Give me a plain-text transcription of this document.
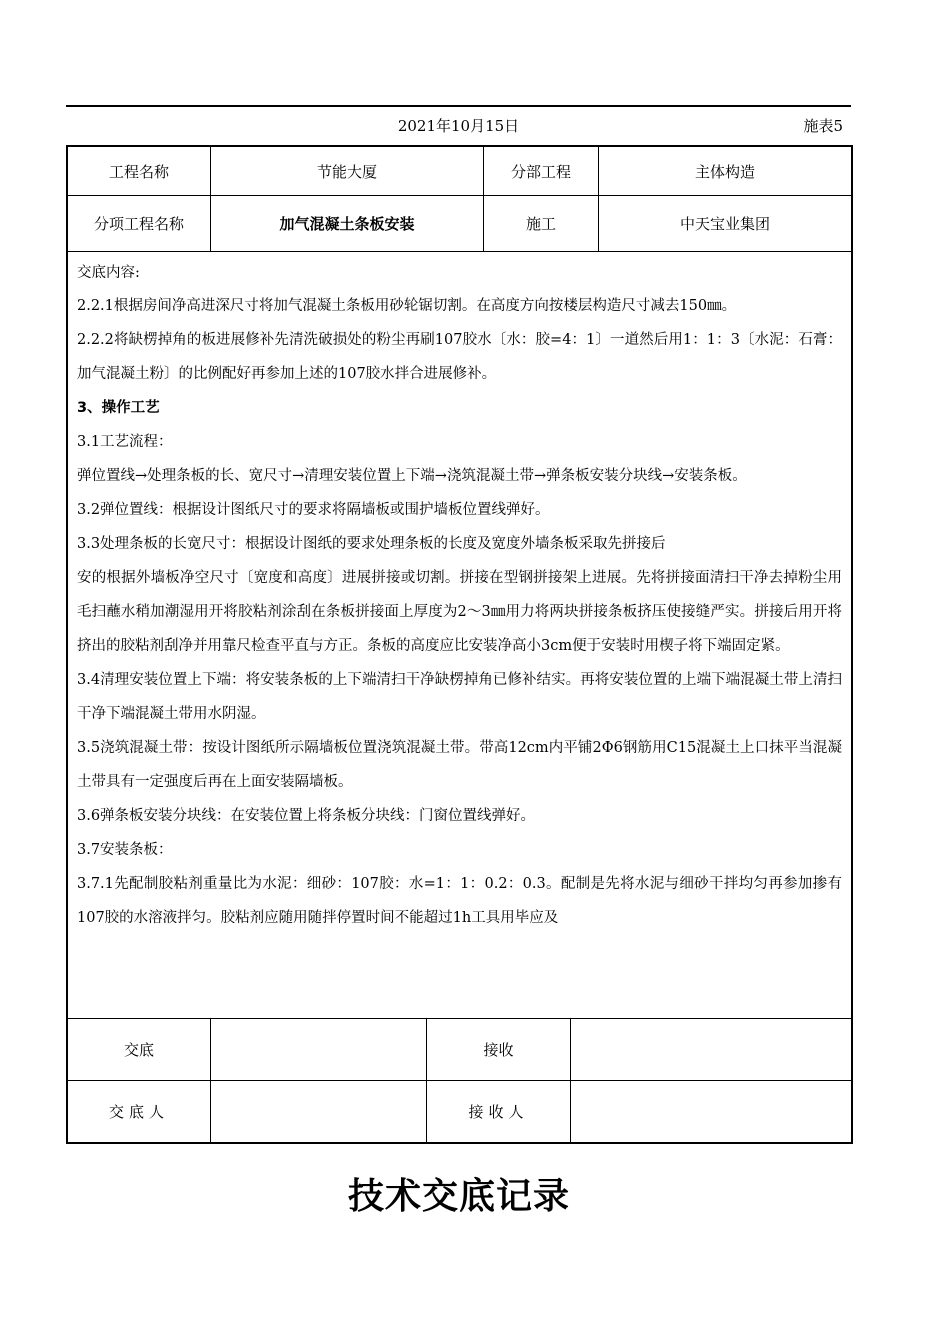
2021年10月15日	施表5
工程名称	节能大厦	分部工程	主体构造
分项工程名称	加气混凝土条板安装	施工	中天宝业集团

交底内容:

2.2.1根据房间净高进深尺寸将加气混凝土条板用砂轮锯切割。在高度方向按楼层构造尺寸减去150㎜。

2.2.2将缺楞掉角的板进展修补先清洗破损处的粉尘再刷107胶水〔水：胶=4：1〕一道然后用1：1：3〔水泥：石膏：加气混凝土粉〕的比例配好再参加上述的107胶水拌合进展修补。

3、操作工艺

3.1工艺流程：

弹位置线→处理条板的长、宽尺寸→清理安装位置上下端→浇筑混凝土带→弹条板安装分块线→安装条板。

3.2弹位置线：根据设计图纸尺寸的要求将隔墙板或围护墙板位置线弹好。

3.3处理条板的长宽尺寸：根据设计图纸的要求处理条板的长度及宽度外墙条板采取先拼接后

安的根据外墙板净空尺寸〔宽度和高度〕进展拼接或切割。拼接在型钢拼接架上进展。先将拼接面清扫干净去掉粉尘用毛扫蘸水稍加潮湿用开将胶粘剂涂刮在条板拼接面上厚度为2～3㎜用力将两块拼接条板挤压使接缝严实。拼接后用开将挤出的胶粘剂刮净并用靠尺检查平直与方正。条板的高度应比安装净高小3cm便于安装时用楔子将下端固定紧。

3.4清理安装位置上下端：将安装条板的上下端清扫干净缺楞掉角已修补结实。再将安装位置的上端下端混凝土带上清扫干净下端混凝土带用水阴湿。

3.5浇筑混凝土带：按设计图纸所示隔墙板位置浇筑混凝土带。带高12cm内平铺2Φ6钢筋用C15混凝土上口抹平当混凝土带具有一定强度后再在上面安装隔墙板。

3.6弹条板安装分块线：在安装位置上将条板分块线：门窗位置线弹好。

3.7安装条板：

3.7.1先配制胶粘剂重量比为水泥：细砂：107胶：水=1：1：0.2：0.3。配制是先将水泥与细砂干拌均匀再参加掺有107胶的水溶液拌匀。胶粘剂应随用随拌停置时间不能超过1h工具用毕应及

交底	接收
交底人	接收人
技术交底记录
